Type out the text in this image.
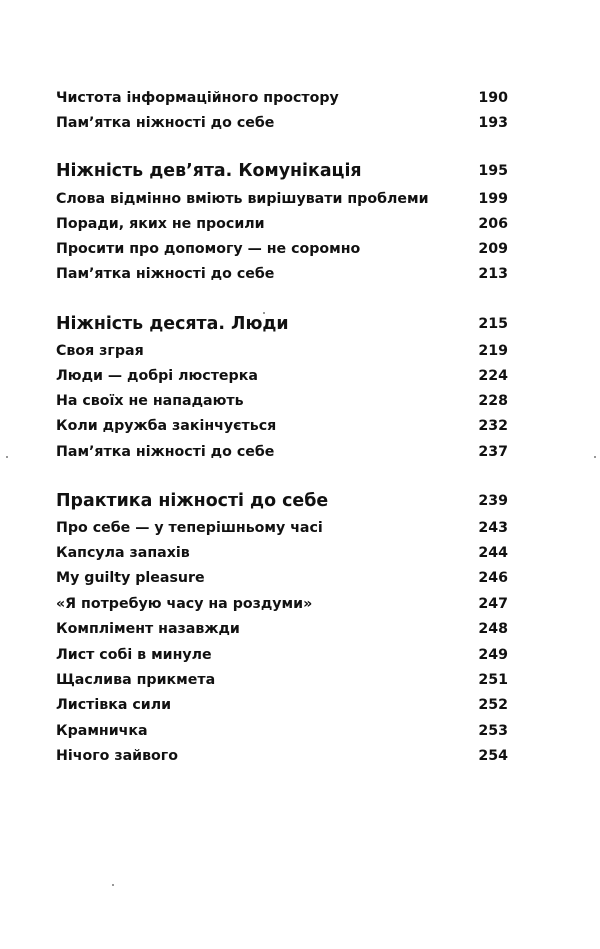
Чистота інформаційного простору	190
Пам’ятка ніжності до себе	193
Ніжність дев’ята. Комунікація	195
Слова відмінно вміють вирішувати проблеми	199
Поради, яких не просили	206
Просити про допомогу — не соромно	209
Пам’ятка ніжності до себе	213
Ніжність десята. Люди	215
Своя зграя	219
Люди — добрі люстерка	224
На своїх не нападають	228
Коли дружба закінчується	232
Пам’ятка ніжності до себе	237
Практика ніжності до себе	239
Про себе — у теперішньому часі	243
Капсула запахів	244
My guilty pleasure	246
«Я потребую часу на роздуми»	247
Комплімент назавжди	248
Лист собі в минуле	249
Щаслива прикмета	251
Листівка сили	252
Крамничка	253
Нічого зайвого	254
